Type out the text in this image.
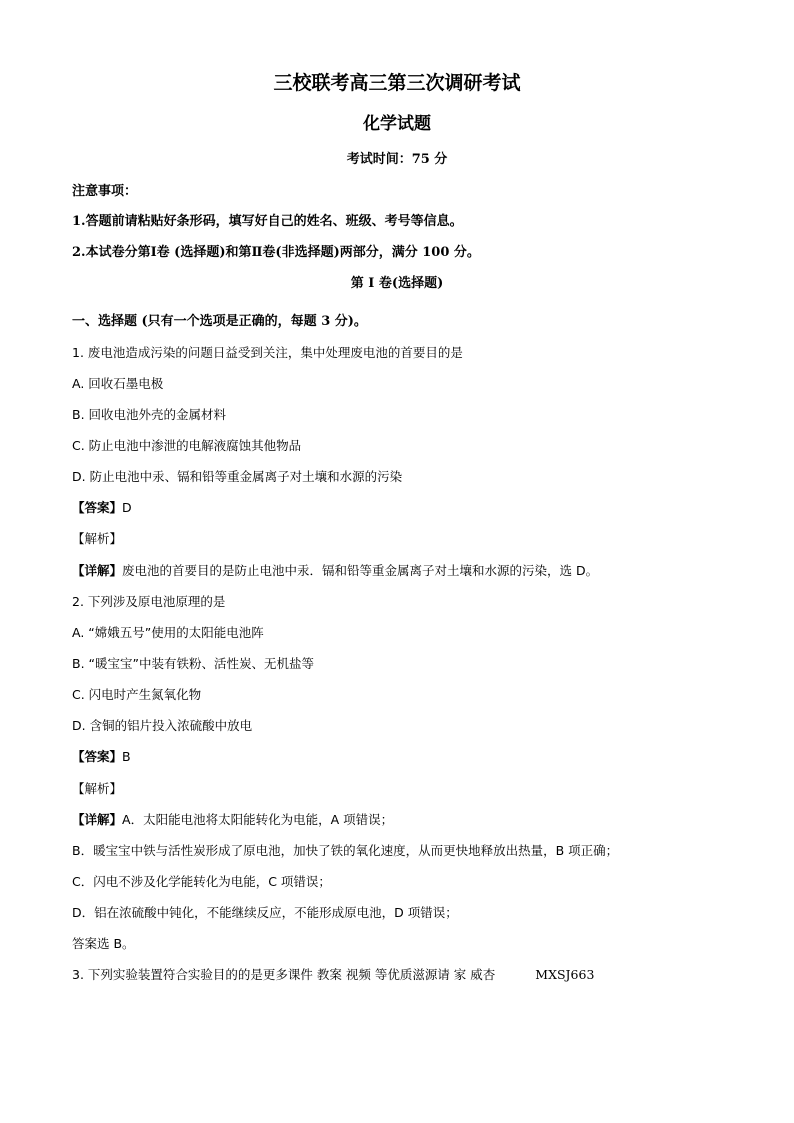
三校联考高三第三次调研考试
化学试题
考试时间：75 分
注意事项：
1.答题前请粘贴好条形码，填写好自己的姓名、班级、考号等信息。
2.本试卷分第Ⅰ卷 (选择题)和第Ⅱ卷(非选择题)两部分，满分 100 分。
第 Ⅰ 卷(选择题)
一、选择题 (只有一个选项是正确的，每题 3 分)。
1. 废电池造成污染的问题日益受到关注，集中处理废电池的首要目的是
A. 回收石墨电极
B. 回收电池外壳的金属材料
C. 防止电池中渗泄的电解液腐蚀其他物品
D. 防止电池中汞、镉和铅等重金属离子对土壤和水源的污染
【答案】D
【解析】
【详解】废电池的首要目的是防止电池中汞．镉和铅等重金属离子对土壤和水源的污染，选 D。
2. 下列涉及原电池原理的是
A. “嫦娥五号”使用的太阳能电池阵
B. “暖宝宝”中装有铁粉、活性炭、无机盐等
C. 闪电时产生氮氧化物
D. 含铜的铝片投入浓硫酸中放电
【答案】B
【解析】
【详解】A．太阳能电池将太阳能转化为电能，A 项错误；
B．暖宝宝中铁与活性炭形成了原电池，加快了铁的氧化速度，从而更快地释放出热量，B 项正确；
C．闪电不涉及化学能转化为电能，C 项错误；
D．铝在浓硫酸中钝化，不能继续反应，不能形成原电池，D 项错误；
答案选 B。
3. 下列实验装置符合实验目的的是更多课件 教案 视频 等优质滋源请 家 威杏	MXSJ663
